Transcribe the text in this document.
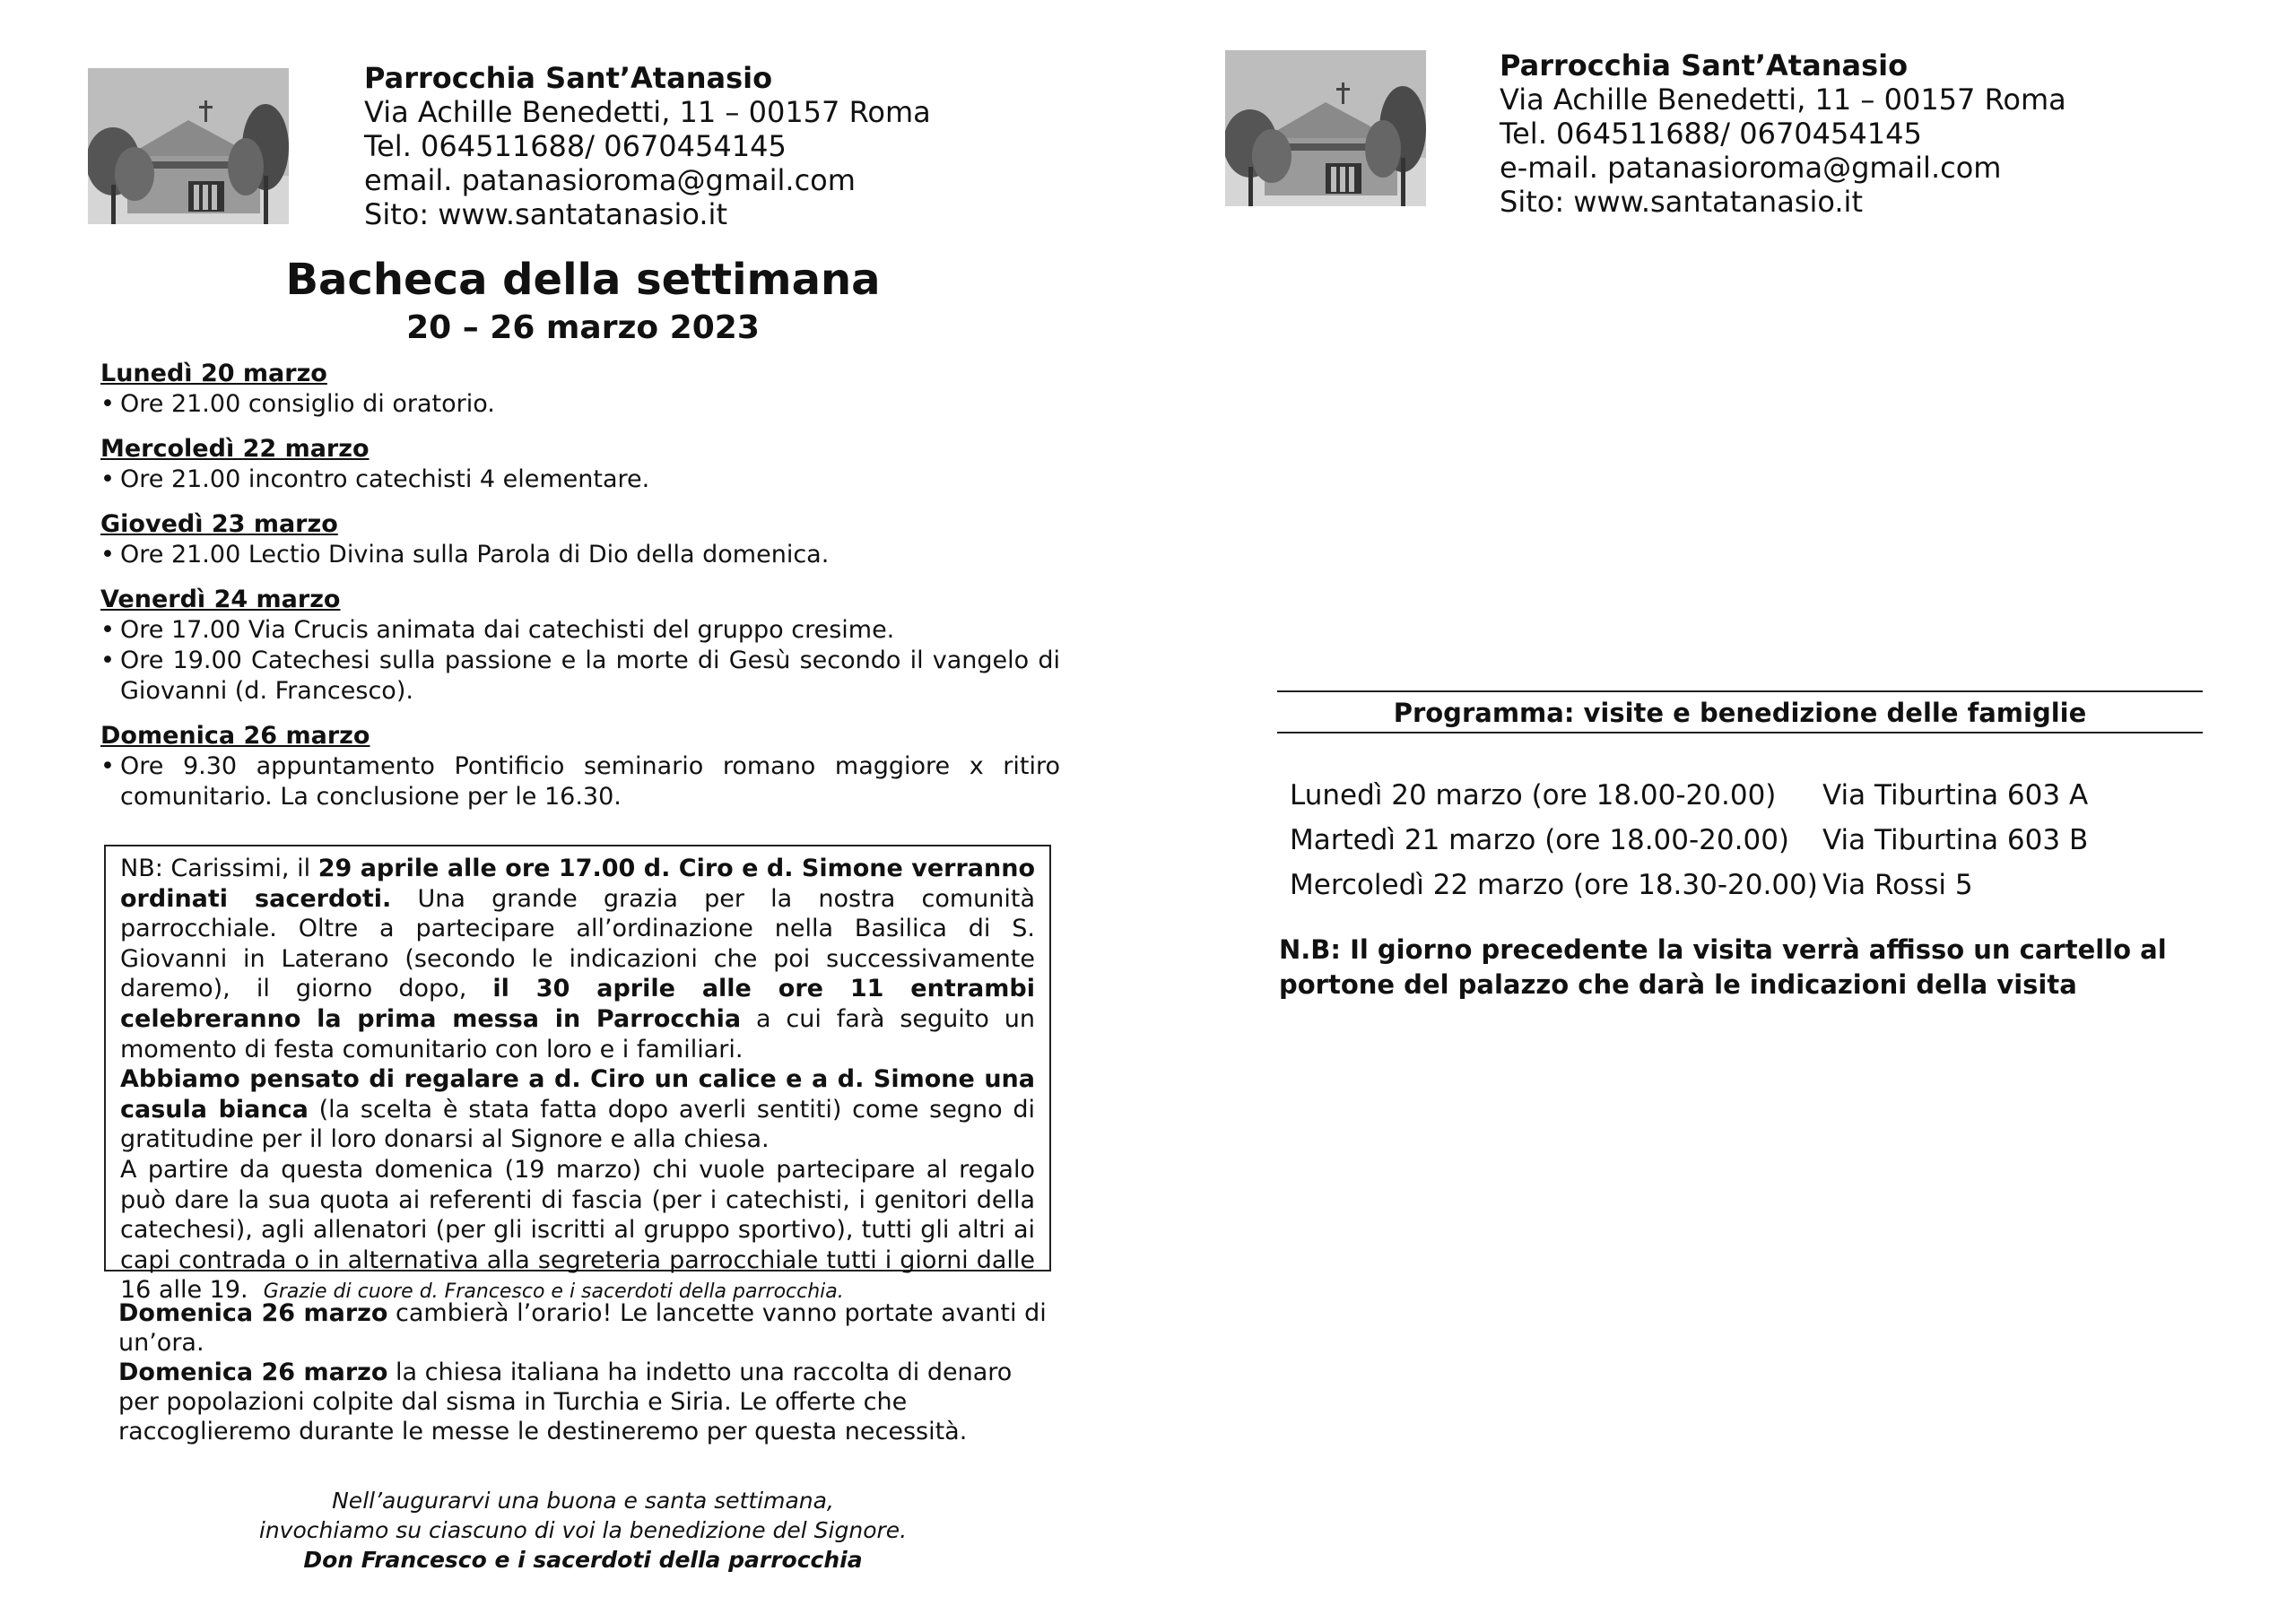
Parrocchia Sant’Atanasio
Via Achille Benedetti, 11 – 00157 Roma
Tel. 064511688/ 0670454145
email. patanasioroma@gmail.com
Sito: www.santatanasio.it
Parrocchia Sant’Atanasio
Via Achille Benedetti, 11 – 00157 Roma
Tel. 064511688/ 0670454145
e-mail. patanasioroma@gmail.com
Sito: www.santatanasio.it
Bacheca della settimana
20 – 26 marzo 2023
Lunedì 20 marzo
• Ore 21.00 consiglio di oratorio.
Mercoledì 22 marzo
• Ore 21.00 incontro catechisti 4 elementare.
Giovedì 23 marzo
• Ore 21.00 Lectio Divina sulla Parola di Dio della domenica.
Venerdì 24 marzo
• Ore 17.00 Via Crucis animata dai catechisti del gruppo cresime.
• Ore 19.00 Catechesi sulla passione e la morte di Gesù secondo il vangelo di Giovanni (d. Francesco).
Domenica 26 marzo
• Ore 9.30 appuntamento Pontificio seminario romano maggiore x ritiro comunitario. La conclusione per le 16.30.

NB: Carissimi, il 29 aprile alle ore 17.00 d. Ciro e d. Simone verranno ordinati sacerdoti. Una grande grazia per la nostra comunità parrocchiale. Oltre a partecipare all’ordinazione nella Basilica di S. Giovanni in Laterano (secondo le indicazioni che poi successivamente daremo), il giorno dopo, il 30 aprile alle ore 11 entrambi celebreranno la prima messa in Parrocchia a cui farà seguito un momento di festa comunitario con loro e i familiari.

Abbiamo pensato di regalare a d. Ciro un calice e a d. Simone una casula bianca (la scelta è stata fatta dopo averli sentiti) come segno di gratitudine per il loro donarsi al Signore e alla chiesa.

A partire da questa domenica (19 marzo) chi vuole partecipare al regalo può dare la sua quota ai referenti di fascia (per i catechisti, i genitori della catechesi), agli allenatori (per gli iscritti al gruppo sportivo), tutti gli altri ai capi contrada o in alternativa alla segreteria parrocchiale tutti i giorni dalle 16 alle 19. Grazie di cuore d. Francesco e i sacerdoti della parrocchia.

Domenica 26 marzo cambierà l’orario! Le lancette vanno portate avanti di un’ora.

Domenica 26 marzo la chiesa italiana ha indetto una raccolta di denaro per popolazioni colpite dal sisma in Turchia e Siria. Le offerte che raccoglieremo durante le messe le destineremo per questa necessità.

Nell’augurarvi una buona e santa settimana,
invochiamo su ciascuno di voi la benedizione del Signore.
Don Francesco e i sacerdoti della parrocchia
Programma: visite e benedizione delle famiglie
Lunedì 20 marzo (ore 18.00-20.00)	Via Tiburtina 603 A
Martedì 21 marzo (ore 18.00-20.00)	Via Tiburtina 603 B
Mercoledì 22 marzo (ore 18.30-20.00) Via Rossi 5
N.B: Il giorno precedente la visita verrà affisso un cartello al portone del palazzo che darà le indicazioni della visita
